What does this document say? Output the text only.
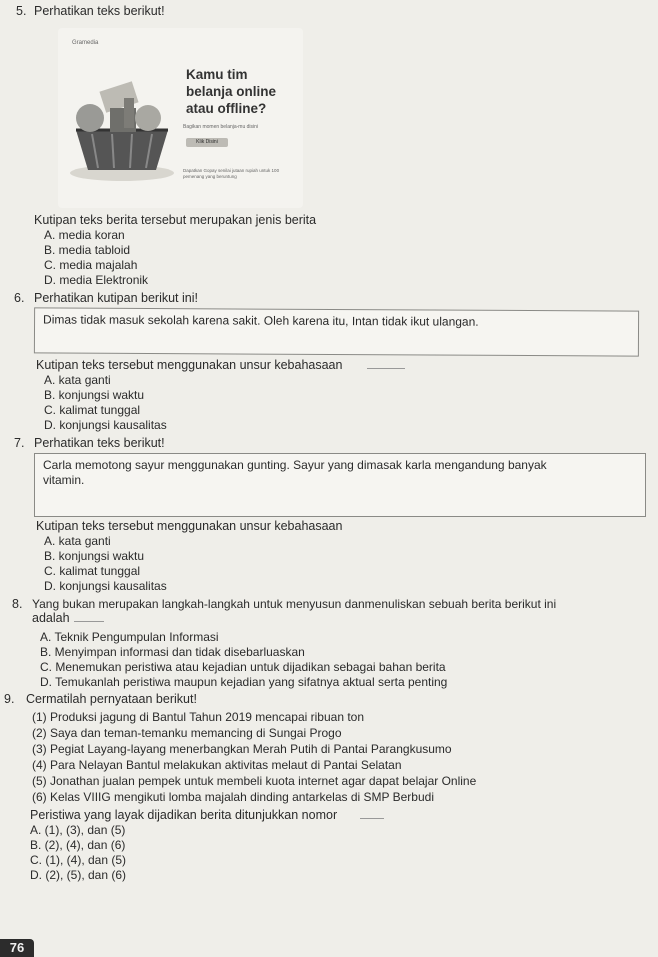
5. Perhatikan teks berikut!
Gramedia
Kamu tim
belanja online
atau offline?
Bagikan momen belanja-mu disini
Klik Disini
Dapatkan Gopay senilai jutaan rupiah untuk 100 pemenang yang beruntung
Kutipan teks berita tersebut merupakan jenis berita
A. media koran
B. media tabloid
C. media majalah
D. media Elektronik
6. Perhatikan kutipan berikut ini!
Dimas tidak masuk sekolah karena sakit. Oleh karena itu, Intan tidak ikut ulangan.
Kutipan teks tersebut menggunakan unsur kebahasaan
A. kata ganti
B. konjungsi waktu
C. kalimat tunggal
D. konjungsi kausalitas
7. Perhatikan teks berikut!
Carla memotong sayur menggunakan gunting. Sayur yang dimasak karla mengandung banyak
vitamin.
Kutipan teks tersebut menggunakan unsur kebahasaan
A. kata ganti
B. konjungsi waktu
C. kalimat tunggal
D. konjungsi kausalitas
8. Yang bukan merupakan langkah-langkah untuk menyusun danmenuliskan sebuah berita berikut ini
adalah
A. Teknik Pengumpulan Informasi
B. Menyimpan informasi dan tidak disebarluaskan
C. Menemukan peristiwa atau kejadian untuk dijadikan sebagai bahan berita
D. Temukanlah peristiwa maupun kejadian yang sifatnya aktual serta penting
9. Cermatilah pernyataan berikut!
(1) Produksi jagung di Bantul Tahun 2019 mencapai ribuan ton
(2) Saya dan teman-temanku memancing di Sungai Progo
(3) Pegiat Layang-layang menerbangkan Merah Putih di Pantai Parangkusumo
(4) Para Nelayan Bantul melakukan aktivitas melaut di Pantai Selatan
(5) Jonathan jualan pempek untuk membeli kuota internet agar dapat belajar Online
(6) Kelas VIIIG mengikuti lomba majalah dinding antarkelas di SMP Berbudi
Peristiwa yang layak dijadikan berita ditunjukkan nomor
A. (1), (3), dan (5)
B. (2), (4), dan (6)
C. (1), (4), dan (5)
D. (2), (5), dan (6)
76
